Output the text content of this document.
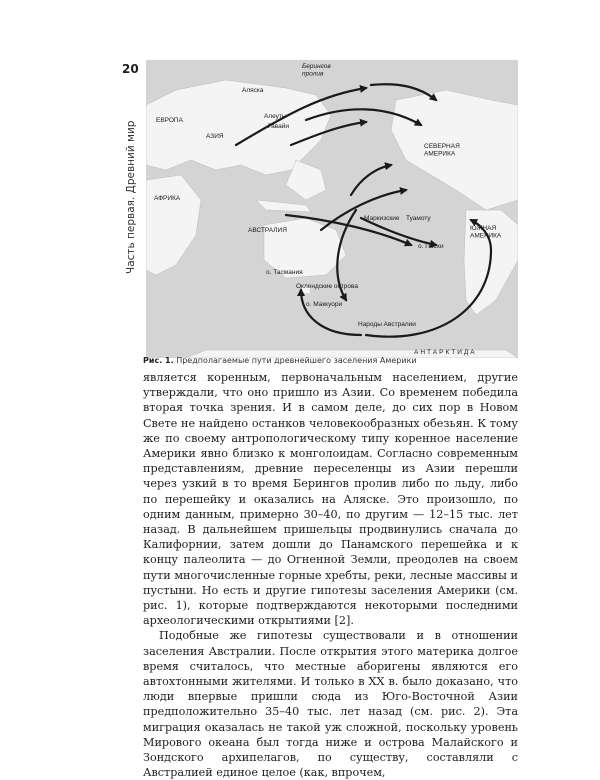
20
Часть первая. Древний мир
Берингов пролив
Аляска
ЕВРОПА
АЗИЯ
Алеуты
Гавайи
СЕВЕРНАЯ АМЕРИКА
АФРИКА
Маркизские Туамоту
ЮЖНАЯ АМЕРИКА
АВСТРАЛИЯ
о. Пасхи
о. Тасмания
Оклендские острова
о. Маккуори
Народы Австралии
АНТАРКТИДА
Рис. 1. Предполагаемые пути древнейшего заселения Америки

является коренным, первоначальным населением, другие утверждали, что оно пришло из Азии. Со временем победила вторая точка зрения. И в самом деле, до сих пор в Новом Свете не найдено останков человекообразных обезьян. К тому же по своему антропологическому типу коренное население Америки явно близко к монголоидам. Согласно современным представлениям, древние переселенцы из Азии перешли через узкий в то время Берингов пролив либо по льду, либо по перешейку и оказались на Аляске. Это произошло, по одним данным, примерно 30–40, по другим — 12–15 тыс. лет назад. В дальнейшем пришельцы продвинулись сначала до Калифорнии, затем дошли до Панамского перешейка и к концу палеолита — до Огненной Земли, преодолев на своем пути многочисленные горные хребты, реки, лесные массивы и пустыни. Но есть и другие гипотезы заселения Америки (см. рис. 1), которые подтверждаются некоторыми последними археологическими открытиями [2].

Подобные же гипотезы существовали и в отношении заселения Австралии. После открытия этого материка долгое время считалось, что местные аборигены являются его автохтонными жителями. И только в XX в. было доказано, что люди впервые пришли сюда из Юго-Восточной Азии предположительно 35–40 тыс. лет назад (см. рис. 2). Эта миграция оказалась не такой уж сложной, поскольку уровень Мирового океана был тогда ниже и острова Малайского и Зондского архипелагов, по существу, составляли с Австралией единое целое (как, впрочем,
